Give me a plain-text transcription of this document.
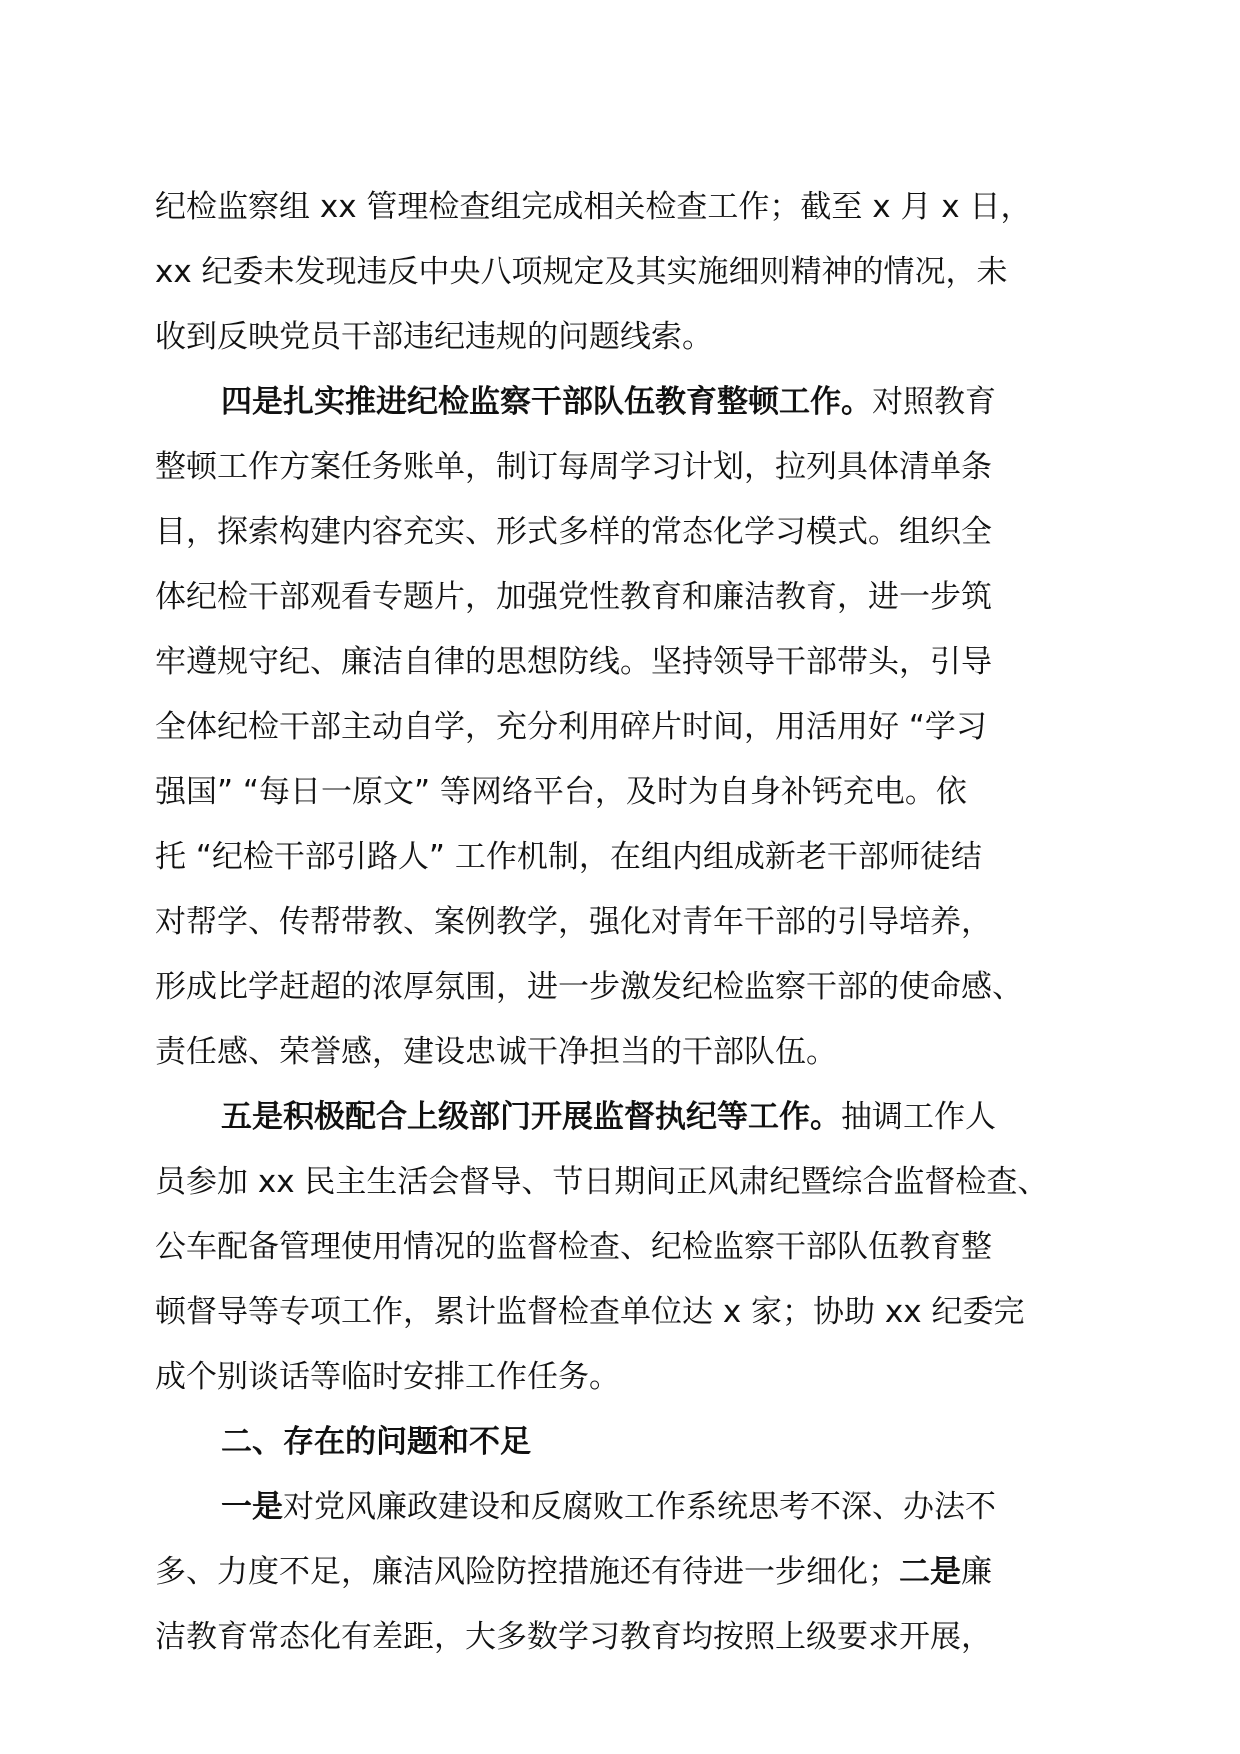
纪检监察组 xx 管理检查组完成相关检查工作；截至 x 月 x 日，
xx 纪委未发现违反中央八项规定及其实施细则精神的情况，未
收到反映党员干部违纪违规的问题线索。
四是扎实推进纪检监察干部队伍教育整顿工作。对照教育
整顿工作方案任务账单，制订每周学习计划，拉列具体清单条
目，探索构建内容充实、形式多样的常态化学习模式。组织全
体纪检干部观看专题片，加强党性教育和廉洁教育，进一步筑
牢遵规守纪、廉洁自律的思想防线。坚持领导干部带头，引导
全体纪检干部主动自学，充分利用碎片时间，用活用好 “学习
强国” “每日一原文” 等网络平台，及时为自身补钙充电。依
托 “纪检干部引路人” 工作机制，在组内组成新老干部师徒结
对帮学、传帮带教、案例教学，强化对青年干部的引导培养，
形成比学赶超的浓厚氛围，进一步激发纪检监察干部的使命感、
责任感、荣誉感，建设忠诚干净担当的干部队伍。
五是积极配合上级部门开展监督执纪等工作。抽调工作人
员参加 xx 民主生活会督导、节日期间正风肃纪暨综合监督检查、
公车配备管理使用情况的监督检查、纪检监察干部队伍教育整
顿督导等专项工作，累计监督检查单位达 x 家；协助 xx 纪委完
成个别谈话等临时安排工作任务。
二、存在的问题和不足
一是对党风廉政建设和反腐败工作系统思考不深、办法不
多、力度不足，廉洁风险防控措施还有待进一步细化；二是廉
洁教育常态化有差距，大多数学习教育均按照上级要求开展，
